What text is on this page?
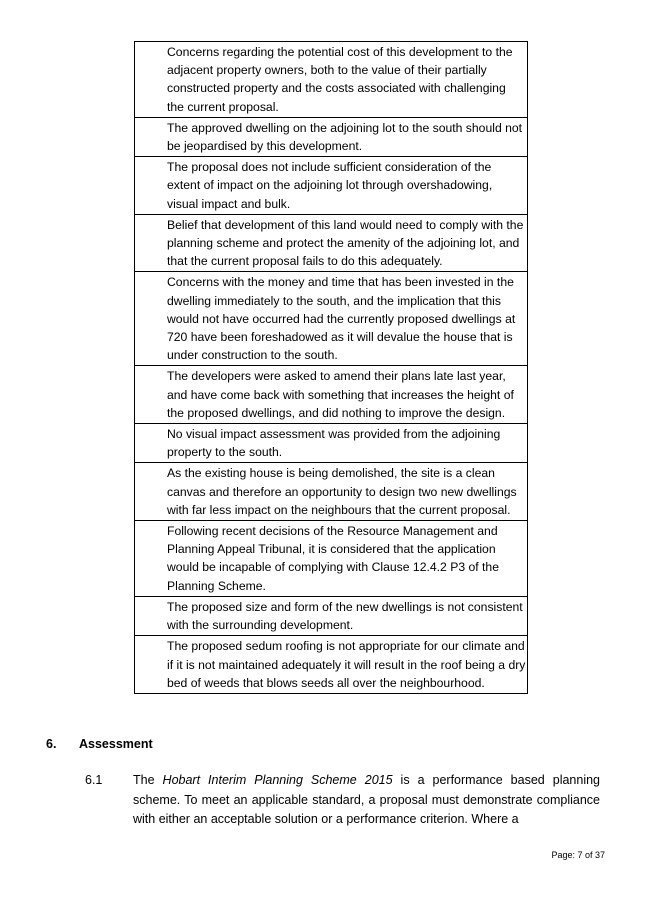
Concerns regarding the potential cost of this development to the adjacent property owners, both to the value of their partially constructed property and the costs associated with challenging the current proposal.
The approved dwelling on the adjoining lot to the south should not be jeopardised by this development.
The proposal does not include sufficient consideration of the extent of impact on the adjoining lot through overshadowing, visual impact and bulk.
Belief that development of this land would need to comply with the planning scheme and protect the amenity of the adjoining lot, and that the current proposal fails to do this adequately.
Concerns with the money and time that has been invested in the dwelling immediately to the south, and the implication that this would not have occurred had the currently proposed dwellings at 720 have been foreshadowed as it will devalue the house that is under construction to the south.
The developers were asked to amend their plans late last year, and have come back with something that increases the height of the proposed dwellings, and did nothing to improve the design.
No visual impact assessment was provided from the adjoining property to the south.
As the existing house is being demolished, the site is a clean canvas and therefore an opportunity to design two new dwellings with far less impact on the neighbours that the current proposal.
Following recent decisions of the Resource Management and Planning Appeal Tribunal, it is considered that the application would be incapable of complying with Clause 12.4.2 P3 of the Planning Scheme.
The proposed size and form of the new dwellings is not consistent with the surrounding development.
The proposed sedum roofing is not appropriate for our climate and if it is not maintained adequately it will result in the roof being a dry bed of weeds that blows seeds all over the neighbourhood.
6. Assessment
6.1 The Hobart Interim Planning Scheme 2015 is a performance based planning scheme. To meet an applicable standard, a proposal must demonstrate compliance with either an acceptable solution or a performance criterion. Where a
Page: 7 of 37
